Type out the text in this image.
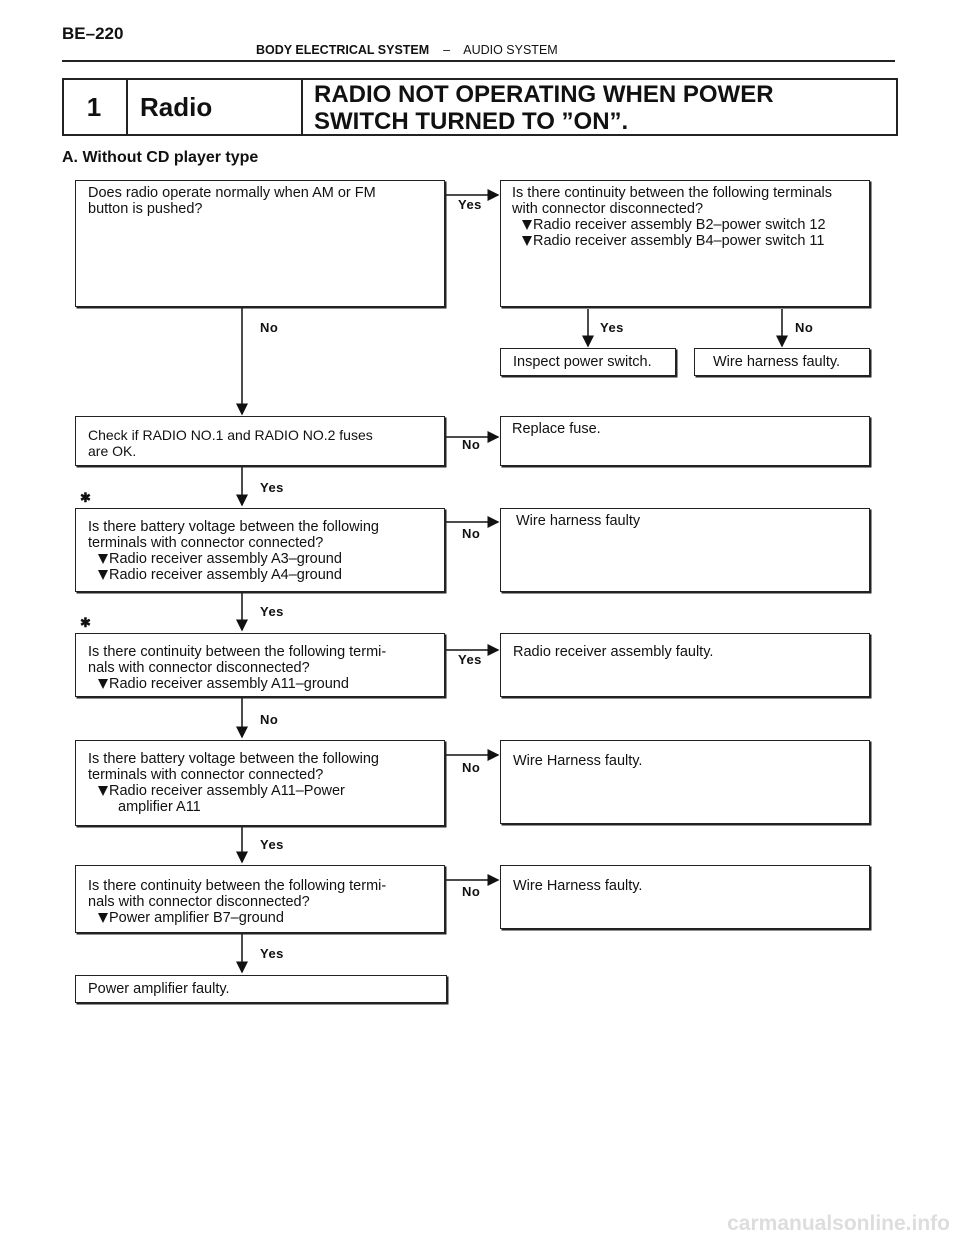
BE–220
BODY ELECTRICAL SYSTEM – AUDIO SYSTEM
1	Radio	RADIO NOT OPERATING WHEN POWER
SWITCH TURNED TO ”ON”.
A. Without CD player type
Does radio operate normally when AM or FM
button is pushed?
Is there continuity between the following terminals
with connector disconnected?
Radio receiver assembly B2–power switch 12
Radio receiver assembly B4–power switch 11
Inspect power switch.	Wire harness faulty.
Check if RADIO NO.1 and RADIO NO.2 fuses
are OK.
Replace fuse.
Is there battery voltage between the following
terminals with connector connected?
Radio receiver assembly A3–ground
Radio receiver assembly A4–ground
Wire harness faulty
Is there continuity between the following termi-
nals with connector disconnected?
Radio receiver assembly A11–ground
Radio receiver assembly faulty.
Is there battery voltage between the following
terminals with connector connected?
Radio receiver assembly A11–Power
amplifier A11
Wire Harness faulty.
Is there continuity between the following termi-
nals with connector disconnected?
Power amplifier B7–ground
Wire Harness faulty.
Power amplifier faulty.
Yes
No	Yes	No
No
Yes
No
Yes
Yes
No
No
Yes
No
Yes
✱
✱
carmanualsonline.info
